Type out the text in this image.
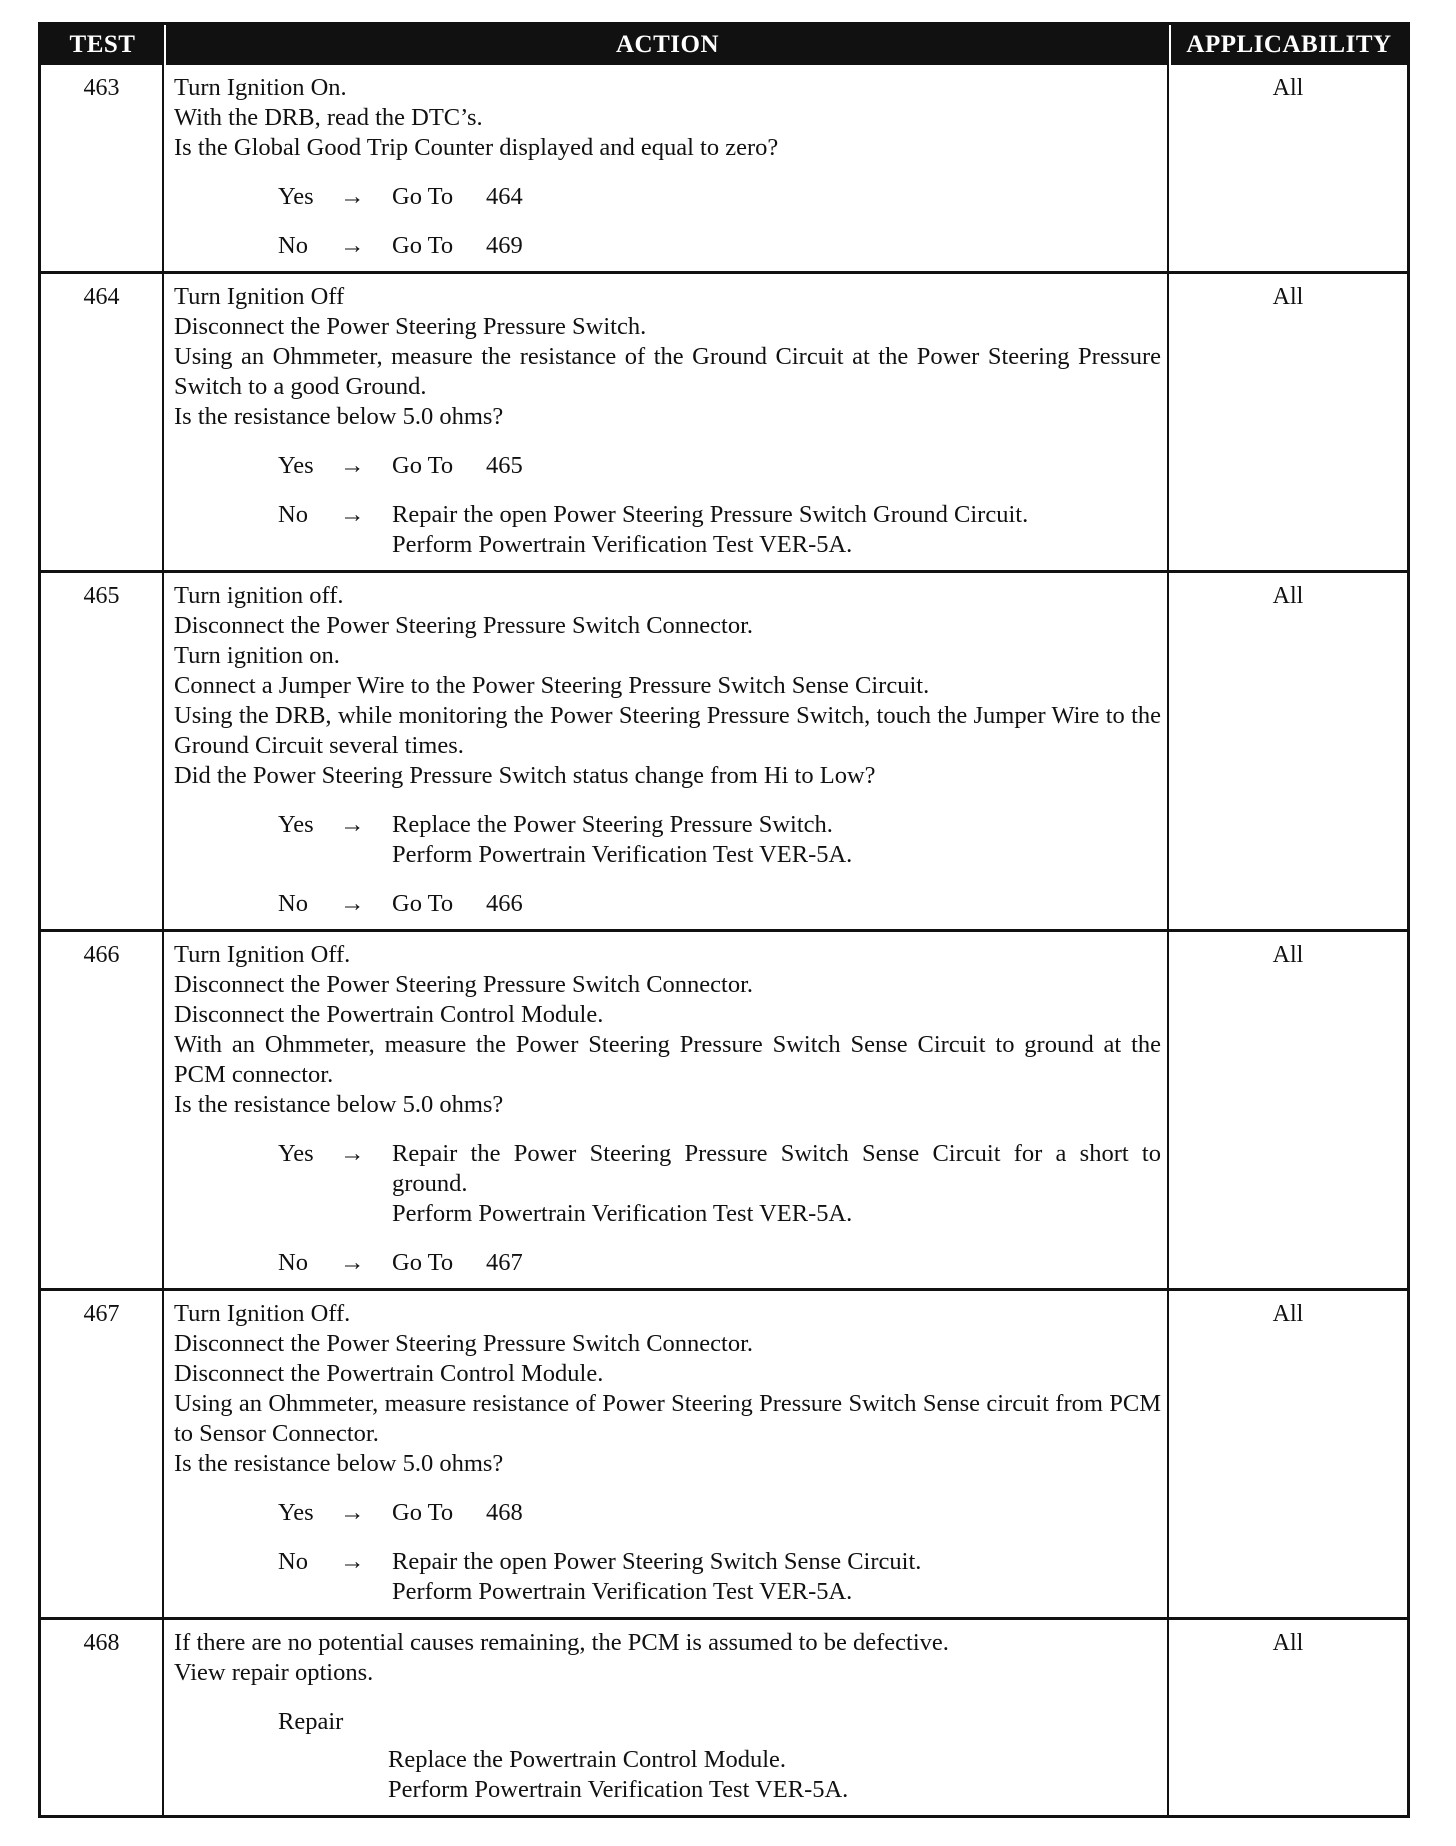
TEST	ACTION	APPLICABILITY
463	Turn Ignition On.
With the DRB, read the DTC’s.
Is the Global Good Trip Counter displayed and equal to zero?
Yes	→	Go To 464
No	→	Go To 469
All
464	Turn Ignition Off
Disconnect the Power Steering Pressure Switch.
Using an Ohmmeter, measure the resistance of the Ground Circuit at the Power Steering Pressure Switch to a good Ground.
Is the resistance below 5.0 ohms?
Yes	→	Go To 465
No	→	Repair the open Power Steering Pressure Switch Ground Circuit.
Perform Powertrain Verification Test VER-5A.
All
465	Turn ignition off.
Disconnect the Power Steering Pressure Switch Connector.
Turn ignition on.
Connect a Jumper Wire to the Power Steering Pressure Switch Sense Circuit.
Using the DRB, while monitoring the Power Steering Pressure Switch, touch the Jumper Wire to the Ground Circuit several times.
Did the Power Steering Pressure Switch status change from Hi to Low?
Yes	→	Replace the Power Steering Pressure Switch.
Perform Powertrain Verification Test VER-5A.
No	→	Go To 466
All
466	Turn Ignition Off.
Disconnect the Power Steering Pressure Switch Connector.
Disconnect the Powertrain Control Module.
With an Ohmmeter, measure the Power Steering Pressure Switch Sense Circuit to ground at the PCM connector.
Is the resistance below 5.0 ohms?
Yes	→	Repair the Power Steering Pressure Switch Sense Circuit for a short to ground.
Perform Powertrain Verification Test VER-5A.
No	→	Go To 467
All
467	Turn Ignition Off.
Disconnect the Power Steering Pressure Switch Connector.
Disconnect the Powertrain Control Module.
Using an Ohmmeter, measure resistance of Power Steering Pressure Switch Sense circuit from PCM to Sensor Connector.
Is the resistance below 5.0 ohms?
Yes	→	Go To 468
No	→	Repair the open Power Steering Switch Sense Circuit.
Perform Powertrain Verification Test VER-5A.
All
468	If there are no potential causes remaining, the PCM is assumed to be defective.
View repair options.
Repair
Replace the Powertrain Control Module.
Perform Powertrain Verification Test VER-5A.
All
